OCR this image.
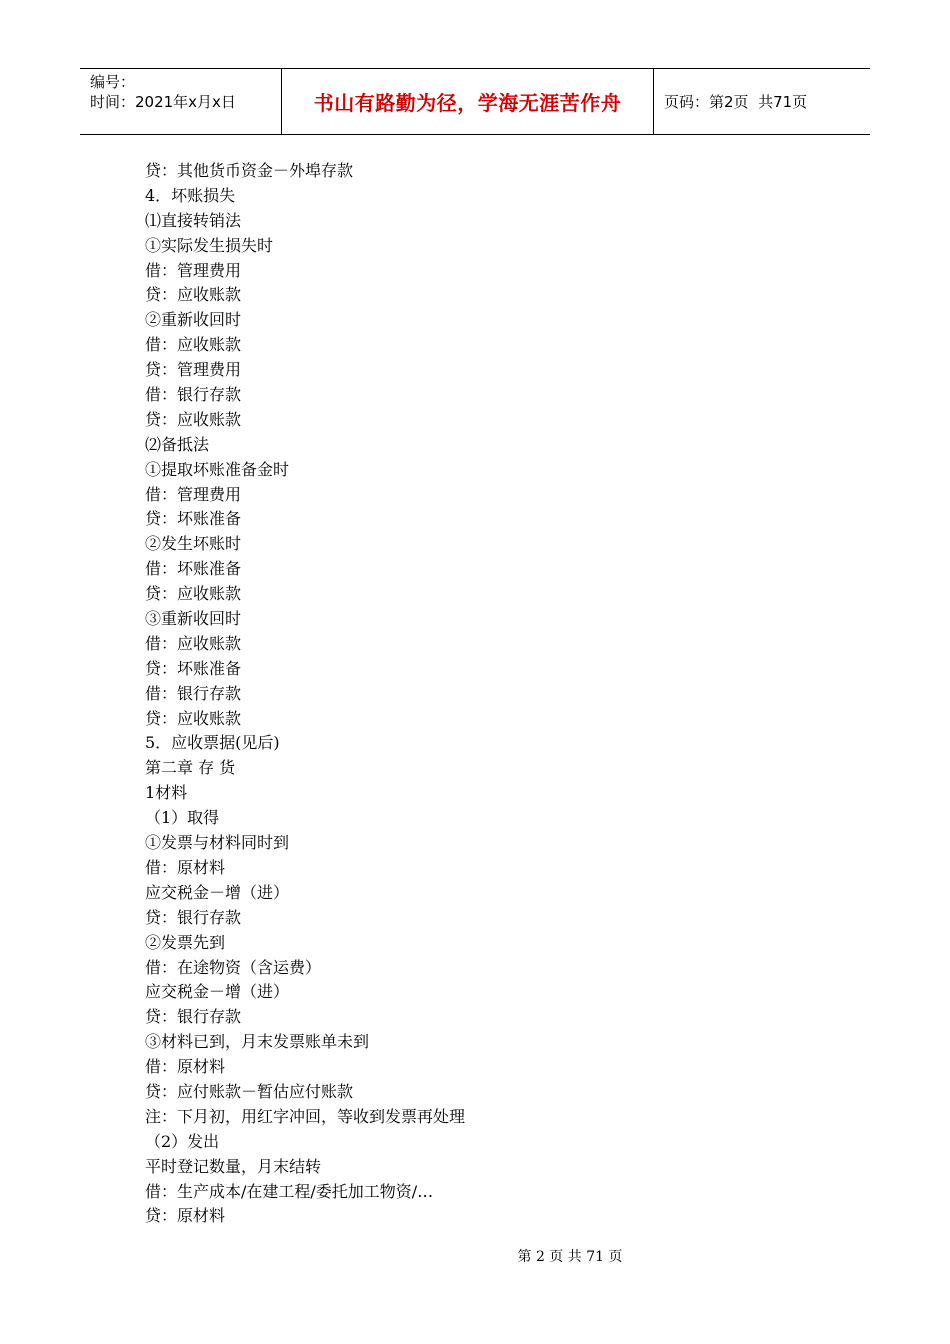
编号：
时间：2021年x月x日	书山有路勤为径，学海无涯苦作舟	页码：第2页  共71页
贷：其他货币资金－外埠存款
4．坏账损失
⑴直接转销法
①实际发生损失时
借：管理费用
贷：应收账款
②重新收回时
借：应收账款
贷：管理费用
借：银行存款
贷：应收账款
⑵备抵法
①提取坏账准备金时
借：管理费用
贷：坏账准备
②发生坏账时
借：坏账准备
贷：应收账款
③重新收回时
借：应收账款
贷：坏账准备
借：银行存款
贷：应收账款
5．应收票据(见后)
第二章 存 货
1材料
（1）取得
①发票与材料同时到
借：原材料
应交税金－增（进）
贷：银行存款
②发票先到
借：在途物资（含运费）
应交税金－增（进）
贷：银行存款
③材料已到，月末发票账单未到
借：原材料
贷：应付账款－暂估应付账款
注：下月初，用红字冲回，等收到发票再处理
（2）发出
平时登记数量，月末结转
借：生产成本/在建工程/委托加工物资/…
贷：原材料
第 2 页 共 71 页
